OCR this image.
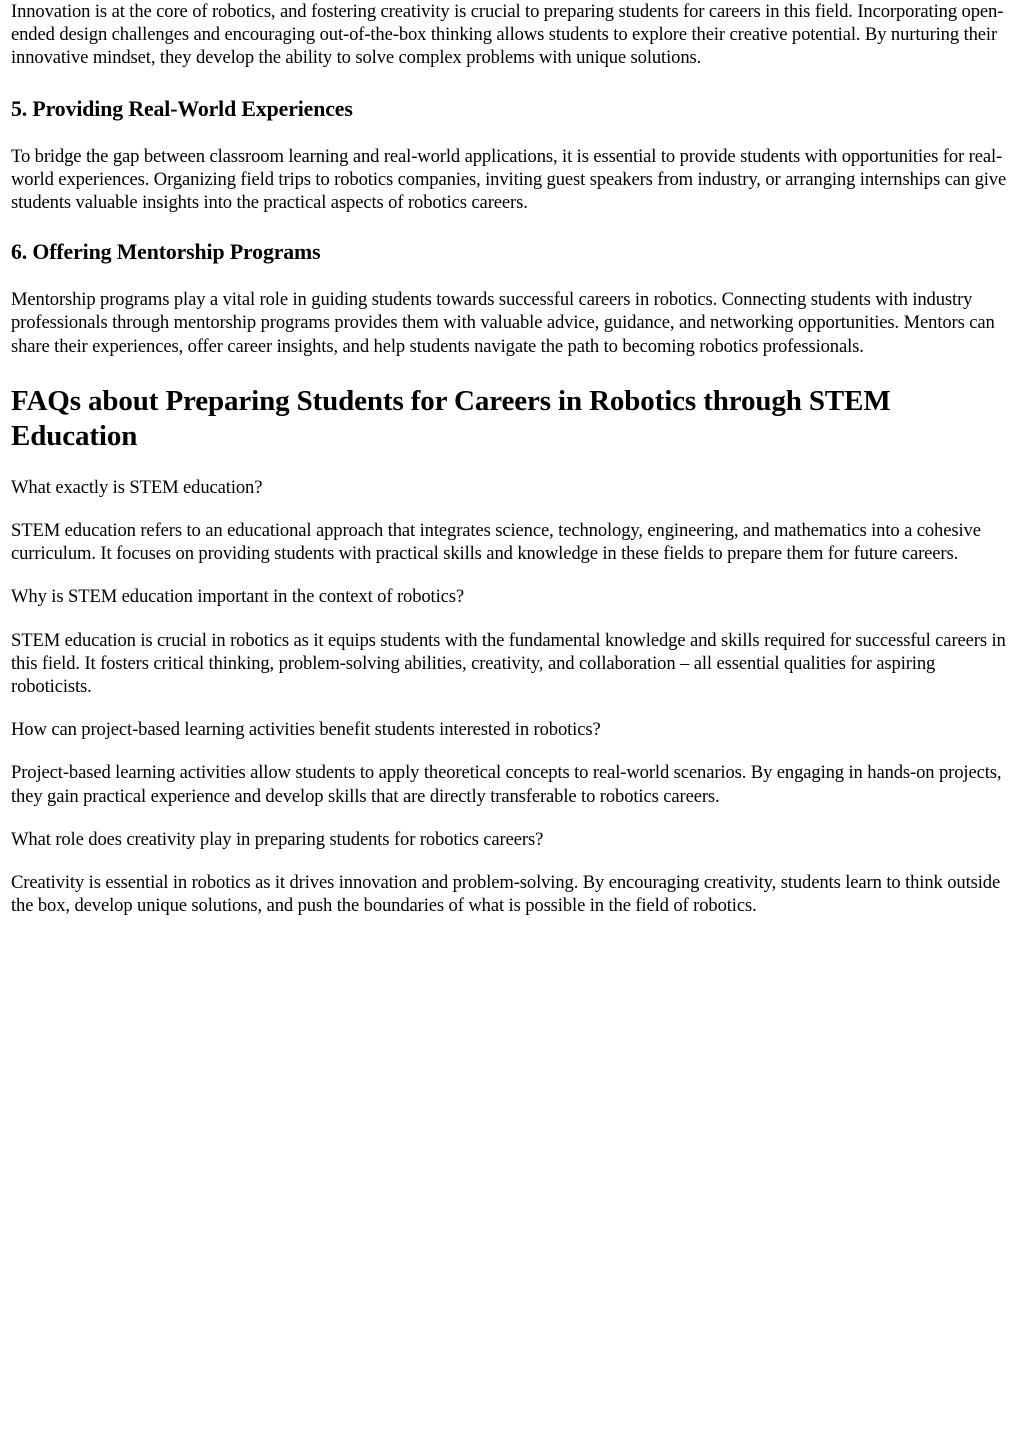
Innovation is at the core of robotics, and fostering creativity is crucial to preparing students for careers in this field. Incorporating open-ended design challenges and encouraging out-of-the-box thinking allows students to explore their creative potential. By nurturing their innovative mindset, they develop the ability to solve complex problems with unique solutions.

5. Providing Real-World Experiences

To bridge the gap between classroom learning and real-world applications, it is essential to provide students with opportunities for real-world experiences. Organizing field trips to robotics companies, inviting guest speakers from industry, or arranging internships can give students valuable insights into the practical aspects of robotics careers.

6. Offering Mentorship Programs

Mentorship programs play a vital role in guiding students towards successful careers in robotics. Connecting students with industry professionals through mentorship programs provides them with valuable advice, guidance, and networking opportunities. Mentors can share their experiences, offer career insights, and help students navigate the path to becoming robotics professionals.

FAQs about Preparing Students for Careers in Robotics through STEM Education

What exactly is STEM education?

STEM education refers to an educational approach that integrates science, technology, engineering, and mathematics into a cohesive curriculum. It focuses on providing students with practical skills and knowledge in these fields to prepare them for future careers.

Why is STEM education important in the context of robotics?

STEM education is crucial in robotics as it equips students with the fundamental knowledge and skills required for successful careers in this field. It fosters critical thinking, problem-solving abilities, creativity, and collaboration – all essential qualities for aspiring roboticists.

How can project-based learning activities benefit students interested in robotics?

Project-based learning activities allow students to apply theoretical concepts to real-world scenarios. By engaging in hands-on projects, they gain practical experience and develop skills that are directly transferable to robotics careers.

What role does creativity play in preparing students for robotics careers?

Creativity is essential in robotics as it drives innovation and problem-solving. By encouraging creativity, students learn to think outside the box, develop unique solutions, and push the boundaries of what is possible in the field of robotics.
